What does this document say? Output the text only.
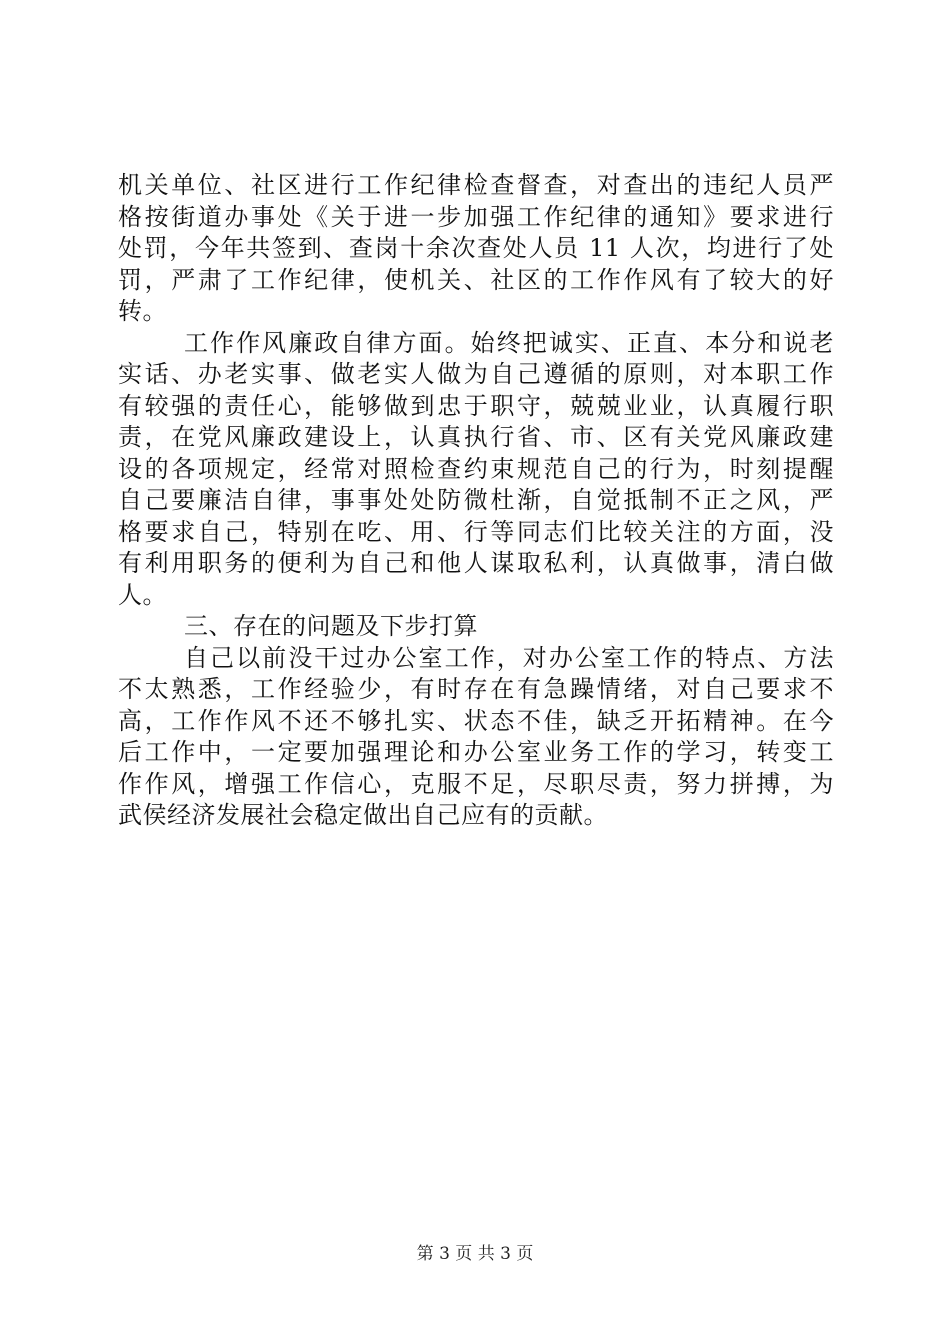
机关单位、社区进行工作纪律检查督查，对查出的违纪人员严
格按街道办事处《关于进一步加强工作纪律的通知》要求进行
处罚，今年共签到、查岗十余次查处人员 11 人次，均进行了处
罚，严肃了工作纪律，使机关、社区的工作作风有了较大的好
转。
工作作风廉政自律方面。始终把诚实、正直、本分和说老
实话、办老实事、做老实人做为自己遵循的原则，对本职工作
有较强的责任心，能够做到忠于职守，兢兢业业，认真履行职
责，在党风廉政建设上，认真执行省、市、区有关党风廉政建
设的各项规定，经常对照检查约束规范自己的行为，时刻提醒
自己要廉洁自律，事事处处防微杜渐，自觉抵制不正之风，严
格要求自己，特别在吃、用、行等同志们比较关注的方面，没
有利用职务的便利为自己和他人谋取私利，认真做事，清白做
人。
三、存在的问题及下步打算
自己以前没干过办公室工作，对办公室工作的特点、方法
不太熟悉，工作经验少，有时存在有急躁情绪，对自己要求不
高，工作作风不还不够扎实、状态不佳，缺乏开拓精神。在今
后工作中，一定要加强理论和办公室业务工作的学习，转变工
作作风，增强工作信心，克服不足，尽职尽责，努力拼搏，为
武侯经济发展社会稳定做出自己应有的贡献。
第 3 页 共 3 页
